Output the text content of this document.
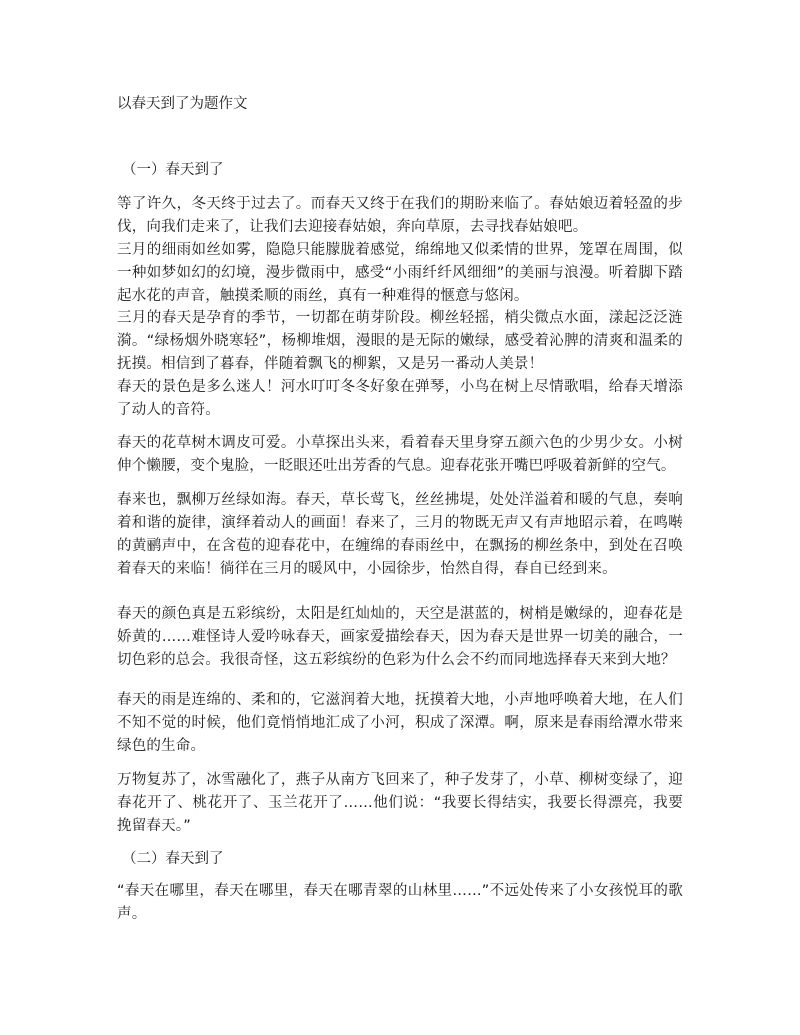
以春天到了为题作文
（一）春天到了

等了许久，冬天终于过去了。而春天又终于在我们的期盼来临了。春姑娘迈着轻盈的步伐，向我们走来了，让我们去迎接春姑娘，奔向草原，去寻找春姑娘吧。

三月的细雨如丝如雾，隐隐只能朦胧着感觉，绵绵地又似柔情的世界，笼罩在周围，似一种如梦如幻的幻境，漫步微雨中，感受“小雨纤纤风细细”的美丽与浪漫。听着脚下踏起水花的声音，触摸柔顺的雨丝，真有一种难得的惬意与悠闲。

三月的春天是孕育的季节，一切都在萌芽阶段。柳丝轻摇，梢尖微点水面，漾起泛泛涟漪。“绿杨烟外晓寒轻”，杨柳堆烟，漫眼的是无际的嫩绿，感受着沁脾的清爽和温柔的抚摸。相信到了暮春，伴随着飘飞的柳絮，又是另一番动人美景！

春天的景色是多么迷人！河水叮叮冬冬好象在弹琴，小鸟在树上尽情歌唱，给春天增添了动人的音符。

春天的花草树木调皮可爱。小草探出头来，看着春天里身穿五颜六色的少男少女。小树伸个懒腰，变个鬼脸，一眨眼还吐出芳香的气息。迎春花张开嘴巴呼吸着新鲜的空气。

春来也，飘柳万丝绿如海。春天，草长莺飞，丝丝拂堤，处处洋溢着和暖的气息，奏响着和谐的旋律，演绎着动人的画面！春来了，三月的物既无声又有声地昭示着，在鸣啭的黄鹂声中，在含苞的迎春花中，在缠绵的春雨丝中，在飘扬的柳丝条中，到处在召唤着春天的来临！徜徉在三月的暖风中，小园徐步，怡然自得，春自已经到来。

春天的颜色真是五彩缤纷，太阳是红灿灿的，天空是湛蓝的，树梢是嫩绿的，迎春花是娇黄的……难怪诗人爱吟咏春天，画家爱描绘春天，因为春天是世界一切美的融合，一切色彩的总会。我很奇怪，这五彩缤纷的色彩为什么会不约而同地选择春天来到大地？

春天的雨是连绵的、柔和的，它滋润着大地，抚摸着大地，小声地呼唤着大地，在人们不知不觉的时候，他们竟悄悄地汇成了小河，积成了深潭。啊，原来是春雨给潭水带来绿色的生命。

万物复苏了，冰雪融化了，燕子从南方飞回来了，种子发芽了，小草、柳树变绿了，迎春花开了、桃花开了、玉兰花开了……他们说：“我要长得结实，我要长得漂亮，我要挽留春天。”

（二）春天到了

“春天在哪里，春天在哪里，春天在哪青翠的山林里……”不远处传来了小女孩悦耳的歌声。
